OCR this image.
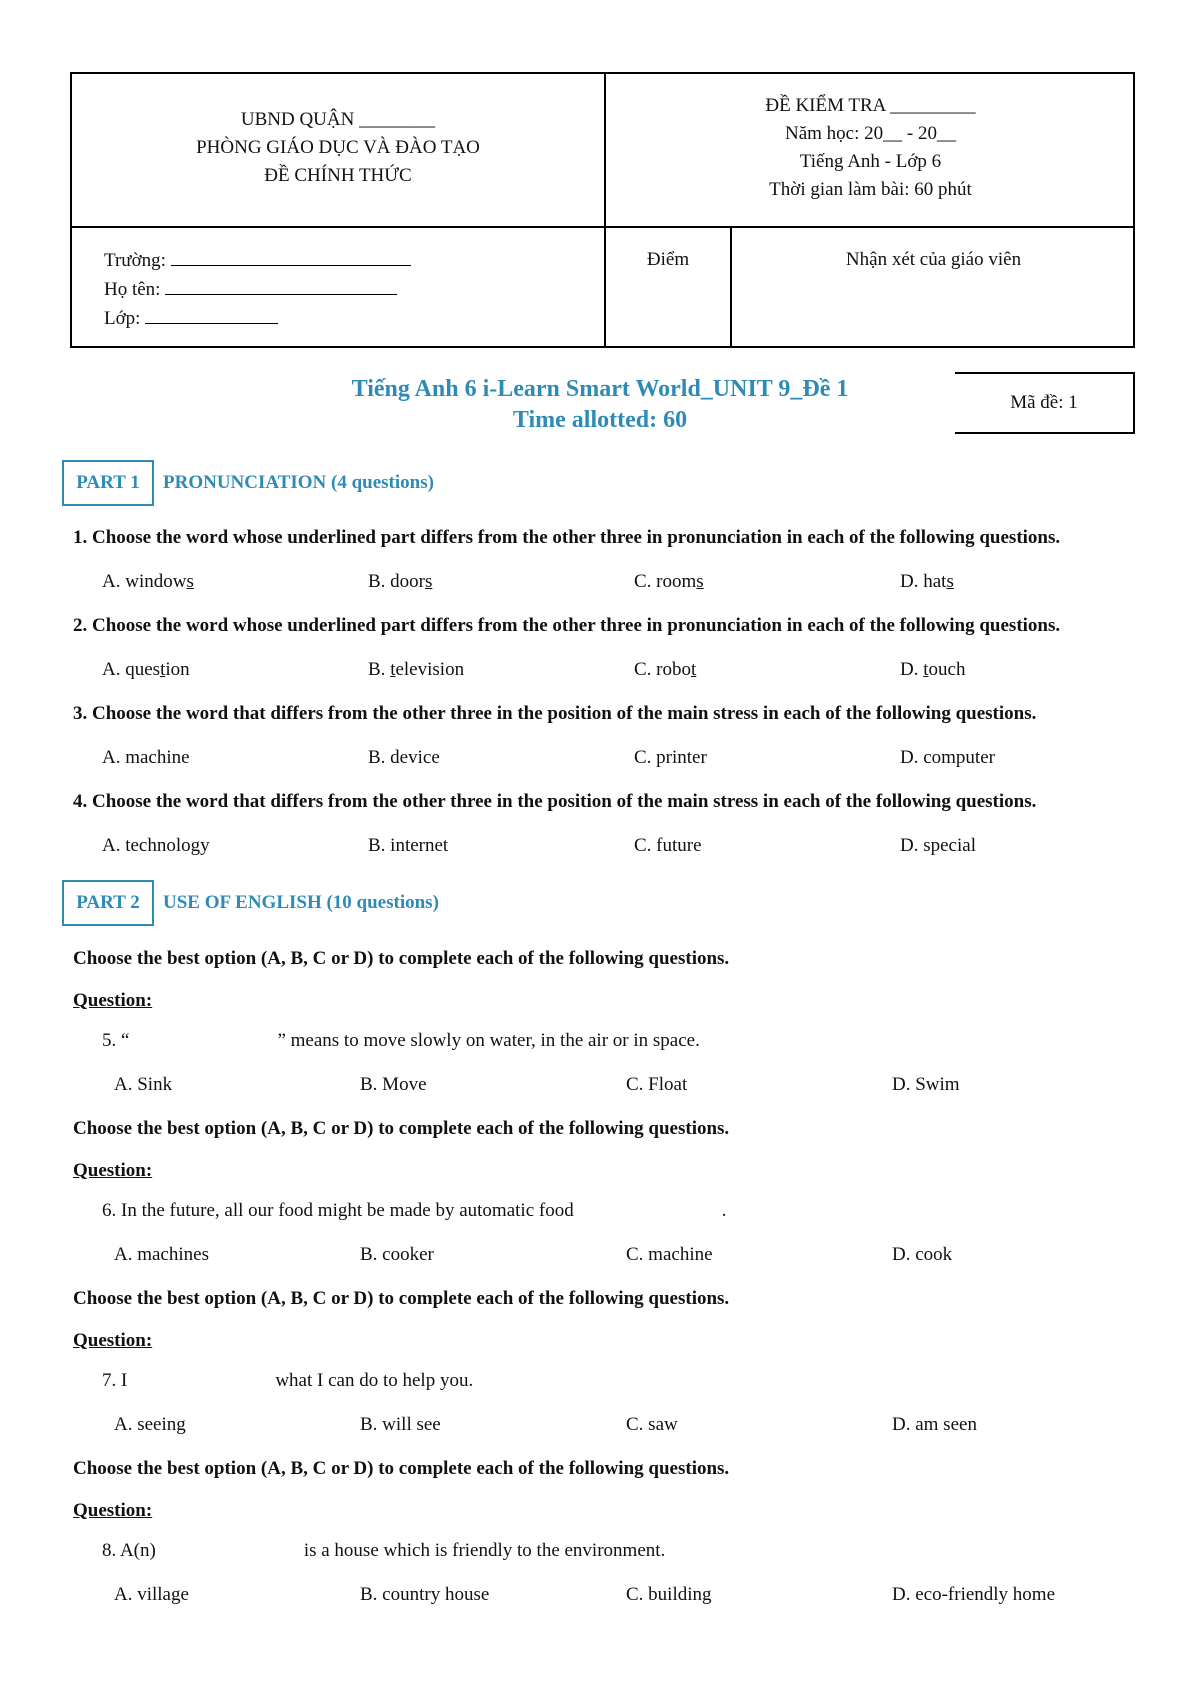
UBND QUẬN ________
PHÒNG GIÁO DỤC VÀ ĐÀO TẠO
ĐỀ CHÍNH THỨC
ĐỀ KIỂM TRA _________
Năm học: 20__ - 20__
Tiếng Anh - Lớp 6
Thời gian làm bài: 60 phút
Trường:
Họ tên:
Lớp:
Điểm	Nhận xét của giáo viên
Tiếng Anh 6 i-Learn Smart World_UNIT 9_Đề 1
Time allotted: 60
Mã đề: 1
PART 1 PRONUNCIATION (4 questions)
1. Choose the word whose underlined part differs from the other three in pronunciation in each of the following questions.
A. windows	B. doors	C. rooms	D. hats
2. Choose the word whose underlined part differs from the other three in pronunciation in each of the following questions.
A. question	B. television	C. robot	D. touch
3. Choose the word that differs from the other three in the position of the main stress in each of the following questions.
A. machine	B. device	C. printer	D. computer
4. Choose the word that differs from the other three in the position of the main stress in each of the following questions.
A. technology	B. internet	C. future	D. special
PART 2 USE OF ENGLISH (10 questions)
Choose the best option (A, B, C or D) to complete each of the following questions.
Question:
5. “	” means to move slowly on water, in the air or in space.
A. Sink	B. Move	C. Float	D. Swim
Choose the best option (A, B, C or D) to complete each of the following questions.
Question:
6. In the future, all our food might be made by automatic food	.
A. machines	B. cooker	C. machine	D. cook
Choose the best option (A, B, C or D) to complete each of the following questions.
Question:
7. I	what I can do to help you.
A. seeing	B. will see	C. saw	D. am seen
Choose the best option (A, B, C or D) to complete each of the following questions.
Question:
8. A(n)	is a house which is friendly to the environment.
A. village	B. country house	C. building	D. eco-friendly home
